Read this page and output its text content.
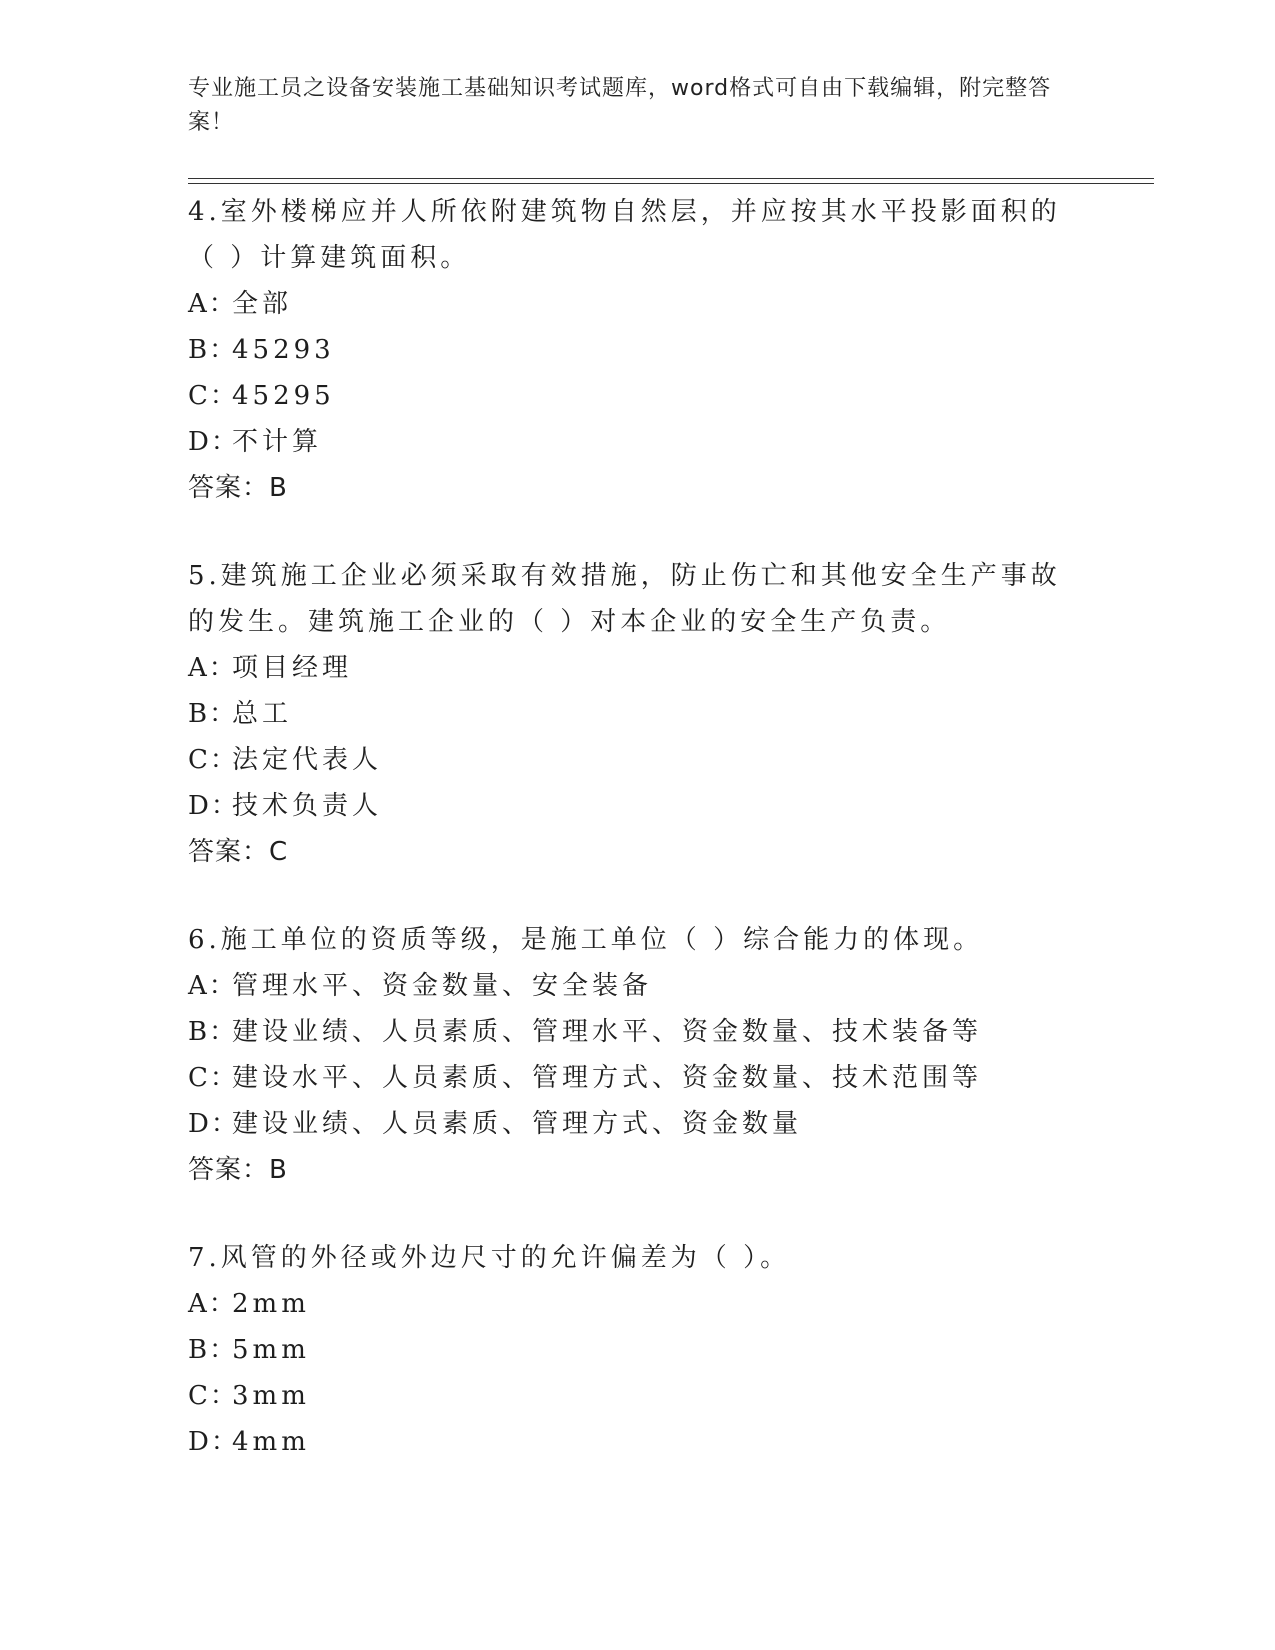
专业施工员之设备安装施工基础知识考试题库，word格式可自由下载编辑，附完整答案！
4.室外楼梯应并人所依附建筑物自然层，并应按其水平投影面积的（ ）计算建筑面积。
A：全部
B：45293
C：45295
D：不计算
答案：B
5.建筑施工企业必须采取有效措施，防止伤亡和其他安全生产事故的发生。建筑施工企业的（ ）对本企业的安全生产负责。
A：项目经理
B：总工
C：法定代表人
D：技术负责人
答案：C
6.施工单位的资质等级，是施工单位（ ）综合能力的体现。
A：管理水平、资金数量、安全装备
B：建设业绩、人员素质、管理水平、资金数量、技术装备等
C：建设水平、人员素质、管理方式、资金数量、技术范围等
D：建设业绩、人员素质、管理方式、资金数量
答案：B
7.风管的外径或外边尺寸的允许偏差为（ ）。
A：2mm
B：5mm
C：3mm
D：4mm
